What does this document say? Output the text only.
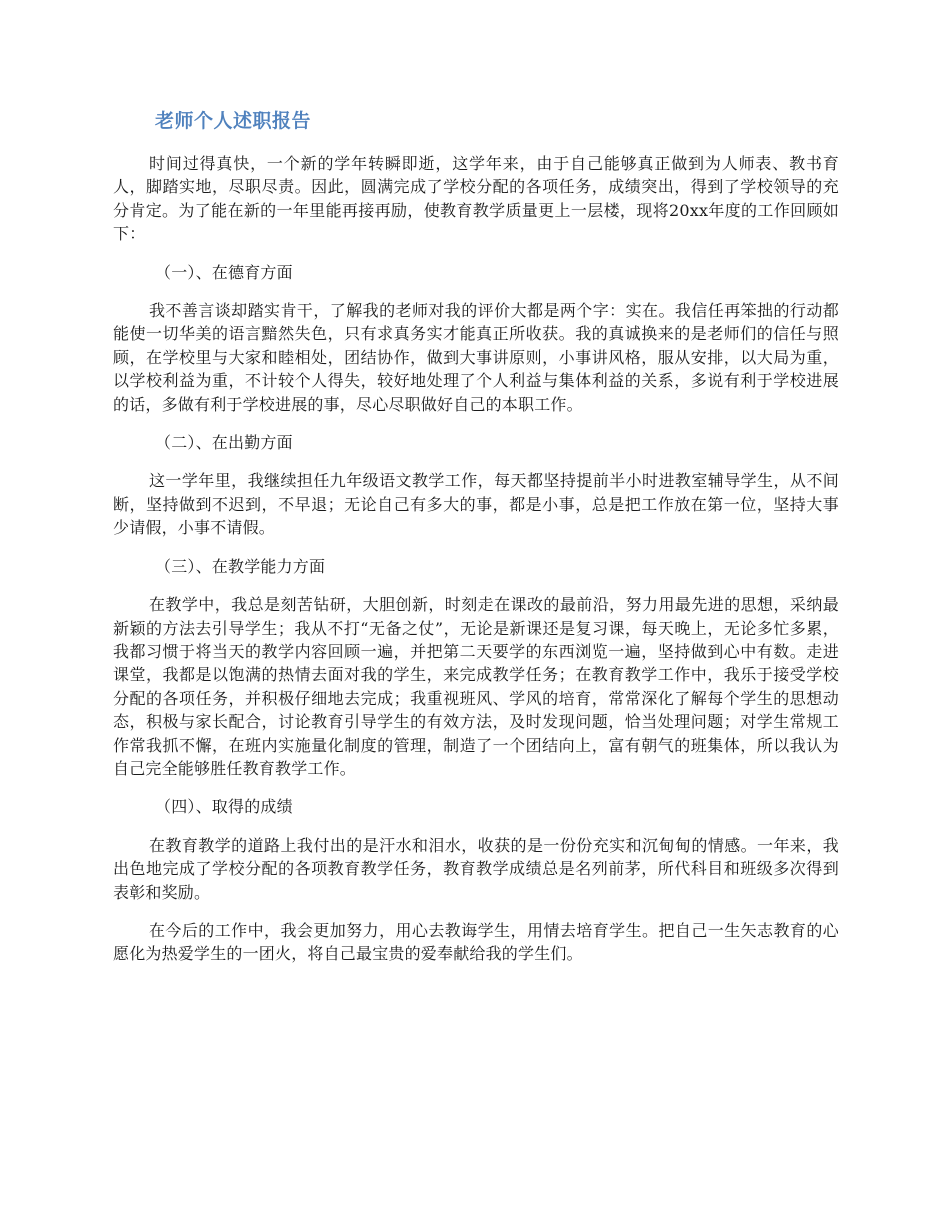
老师个人述职报告

时间过得真快，一个新的学年转瞬即逝，这学年来，由于自己能够真正做到为人师表、教书育人，脚踏实地，尽职尽责。因此，圆满完成了学校分配的各项任务，成绩突出，得到了学校领导的充分肯定。为了能在新的一年里能再接再励，使教育教学质量更上一层楼，现将20xx年度的工作回顾如下：

（一）、在德育方面

我不善言谈却踏实肯干，了解我的老师对我的评价大都是两个字：实在。我信任再笨拙的行动都能使一切华美的语言黯然失色，只有求真务实才能真正所收获。我的真诚换来的是老师们的信任与照顾，在学校里与大家和睦相处，团结协作，做到大事讲原则，小事讲风格，服从安排，以大局为重，以学校利益为重，不计较个人得失，较好地处理了个人利益与集体利益的关系，多说有利于学校进展的话，多做有利于学校进展的事，尽心尽职做好自己的本职工作。

（二）、在出勤方面

这一学年里，我继续担任九年级语文教学工作，每天都坚持提前半小时进教室辅导学生，从不间断，坚持做到不迟到，不早退；无论自己有多大的事，都是小事，总是把工作放在第一位，坚持大事少请假，小事不请假。

（三）、在教学能力方面

在教学中，我总是刻苦钻研，大胆创新，时刻走在课改的最前沿，努力用最先进的思想，采纳最新颖的方法去引导学生；我从不打“无备之仗”，无论是新课还是复习课，每天晚上，无论多忙多累，我都习惯于将当天的教学内容回顾一遍，并把第二天要学的东西浏览一遍，坚持做到心中有数。走进课堂，我都是以饱满的热情去面对我的学生，来完成教学任务；在教育教学工作中，我乐于接受学校分配的各项任务，并积极仔细地去完成；我重视班风、学风的培育，常常深化了解每个学生的思想动态，积极与家长配合，讨论教育引导学生的有效方法，及时发现问题，恰当处理问题；对学生常规工作常我抓不懈，在班内实施量化制度的管理，制造了一个团结向上，富有朝气的班集体，所以我认为自己完全能够胜任教育教学工作。

（四）、取得的成绩

在教育教学的道路上我付出的是汗水和泪水，收获的是一份份充实和沉甸甸的情感。一年来，我出色地完成了学校分配的各项教育教学任务，教育教学成绩总是名列前茅，所代科目和班级多次得到表彰和奖励。

在今后的工作中，我会更加努力，用心去教诲学生，用情去培育学生。把自己一生矢志教育的心愿化为热爱学生的一团火，将自己最宝贵的爱奉献给我的学生们。
